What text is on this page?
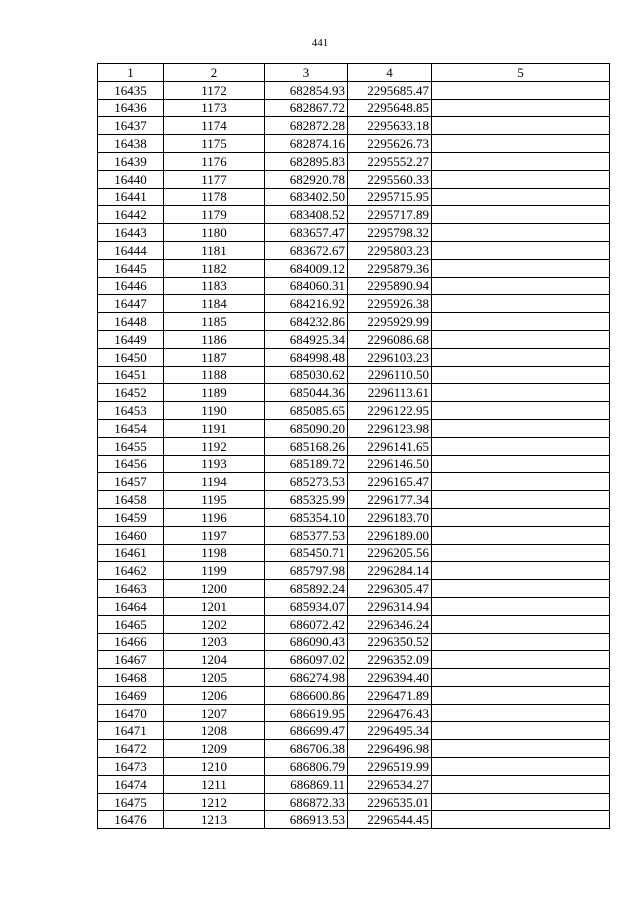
441
1	2	3	4	5
16435	1172	682854.93	2295685.47	
16436	1173	682867.72	2295648.85	
16437	1174	682872.28	2295633.18	
16438	1175	682874.16	2295626.73	
16439	1176	682895.83	2295552.27	
16440	1177	682920.78	2295560.33	
16441	1178	683402.50	2295715.95	
16442	1179	683408.52	2295717.89	
16443	1180	683657.47	2295798.32	
16444	1181	683672.67	2295803.23	
16445	1182	684009.12	2295879.36	
16446	1183	684060.31	2295890.94	
16447	1184	684216.92	2295926.38	
16448	1185	684232.86	2295929.99	
16449	1186	684925.34	2296086.68	
16450	1187	684998.48	2296103.23	
16451	1188	685030.62	2296110.50	
16452	1189	685044.36	2296113.61	
16453	1190	685085.65	2296122.95	
16454	1191	685090.20	2296123.98	
16455	1192	685168.26	2296141.65	
16456	1193	685189.72	2296146.50	
16457	1194	685273.53	2296165.47	
16458	1195	685325.99	2296177.34	
16459	1196	685354.10	2296183.70	
16460	1197	685377.53	2296189.00	
16461	1198	685450.71	2296205.56	
16462	1199	685797.98	2296284.14	
16463	1200	685892.24	2296305.47	
16464	1201	685934.07	2296314.94	
16465	1202	686072.42	2296346.24	
16466	1203	686090.43	2296350.52	
16467	1204	686097.02	2296352.09	
16468	1205	686274.98	2296394.40	
16469	1206	686600.86	2296471.89	
16470	1207	686619.95	2296476.43	
16471	1208	686699.47	2296495.34	
16472	1209	686706.38	2296496.98	
16473	1210	686806.79	2296519.99	
16474	1211	686869.11	2296534.27	
16475	1212	686872.33	2296535.01	
16476	1213	686913.53	2296544.45	
